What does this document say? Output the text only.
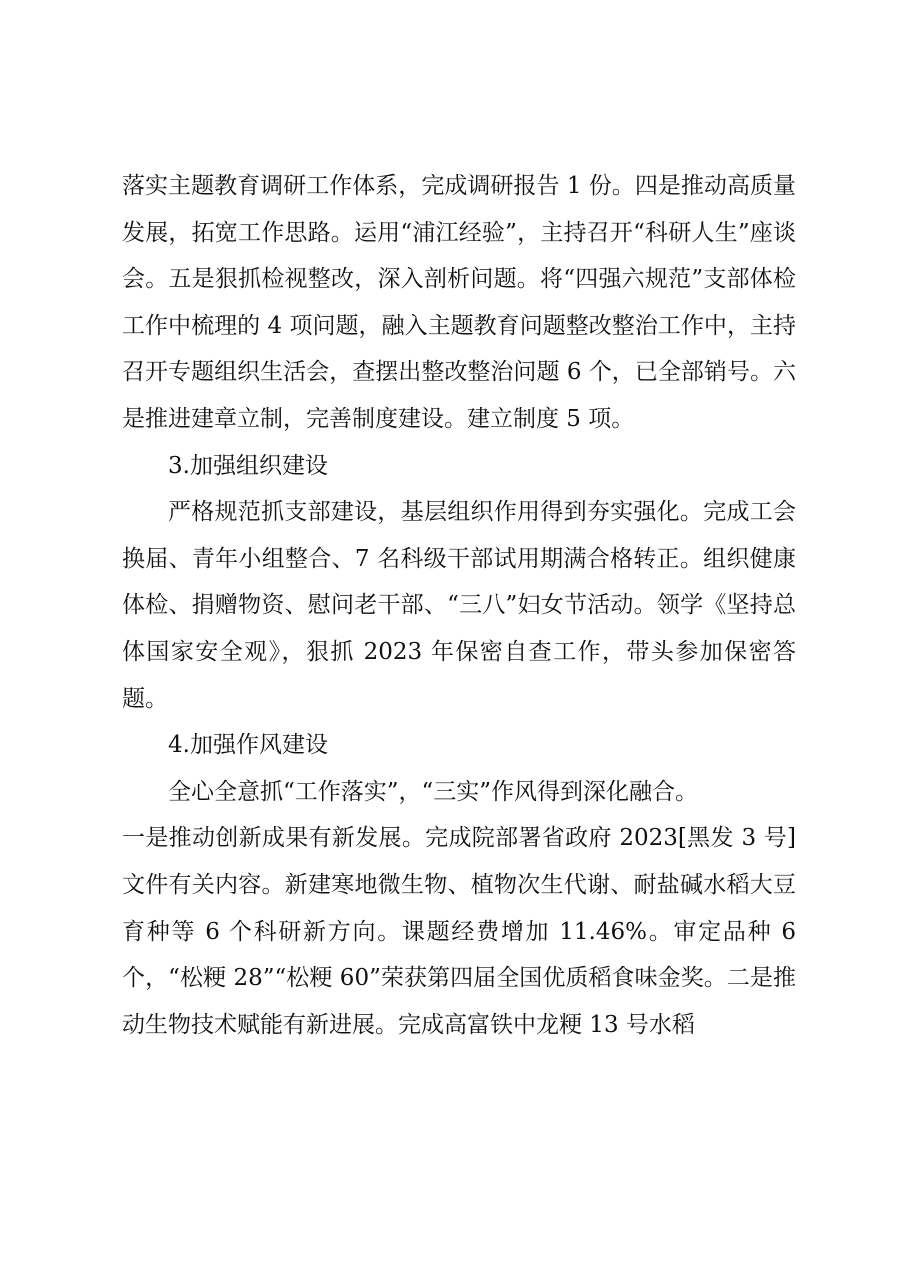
落实主题教育调研工作体系，完成调研报告 1 份。四是推动高质量发展，拓宽工作思路。运用“浦江经验”，主持召开“科研人生”座谈会。五是狠抓检视整改，深入剖析问题。将“四强六规范”支部体检工作中梳理的 4 项问题，融入主题教育问题整改整治工作中，主持召开专题组织生活会，查摆出整改整治问题 6 个，已全部销号。六是推进建章立制，完善制度建设。建立制度 5 项。

3.加强组织建设

严格规范抓支部建设，基层组织作用得到夯实强化。完成工会换届、青年小组整合、7 名科级干部试用期满合格转正。组织健康体检、捐赠物资、慰问老干部、“三八”妇女节活动。领学《坚持总体国家安全观》，狠抓 2023 年保密自查工作，带头参加保密答题。

4.加强作风建设

全心全意抓“工作落实”，“三实”作风得到深化融合。

一是推动创新成果有新发展。完成院部署省政府 2023[黑发 3 号]文件有关内容。新建寒地微生物、植物次生代谢、耐盐碱水稻大豆育种等 6 个科研新方向。课题经费增加 11.46%。审定品种 6 个，“松粳 28”“松粳 60”荣获第四届全国优质稻食味金奖。二是推动生物技术赋能有新进展。完成高富铁中龙粳 13 号水稻
